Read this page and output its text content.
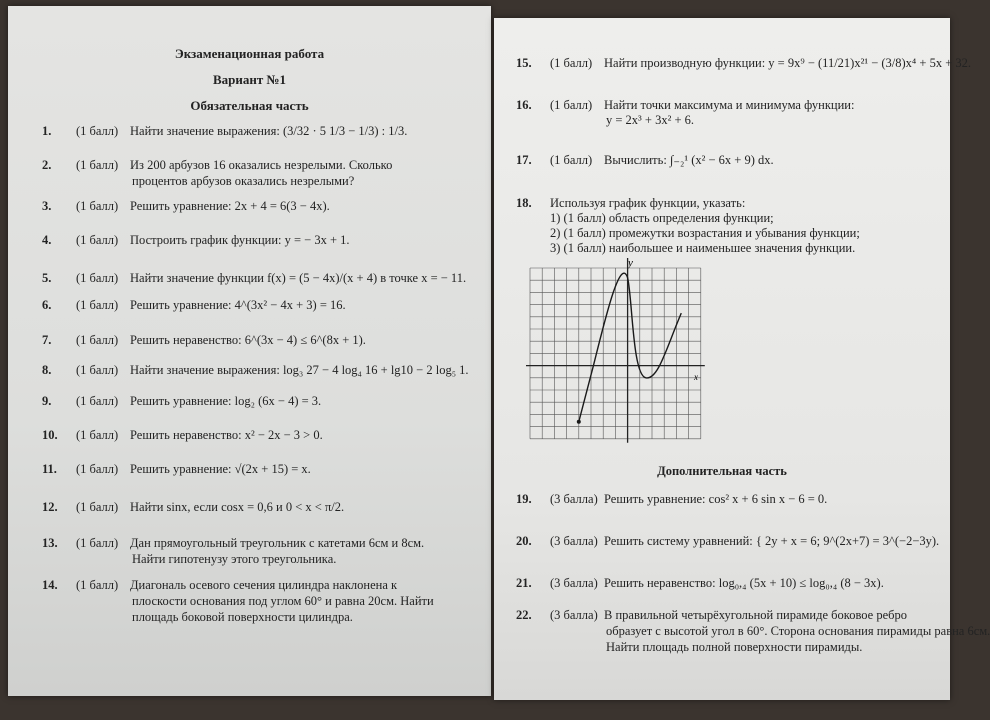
Экзаменационная работа
Вариант №1
Обязательная часть
1. (1 балл) Найти значение выражения: (3/32 · 5 1/3 − 1/3) : 1/3.
2. (1 балл) Из 200 арбузов 16 оказались незрелыми. Сколько
процентов арбузов оказались незрелыми?
3. (1 балл) Решить уравнение: 2x + 4 = 6(3 − 4x).
4. (1 балл) Построить график функции: y = − 3x + 1.
5. (1 балл) Найти значение функции f(x) = (5 − 4x)/(x + 4) в точке x = − 11.
6. (1 балл) Решить уравнение: 4^(3x² − 4x + 3) = 16.
7. (1 балл) Решить неравенство: 6^(3x − 4) ≤ 6^(8x + 1).
8. (1 балл) Найти значение выражения: log₃ 27 − 4 log₄ 16 + lg10 − 2 log₅ 1.
9. (1 балл) Решить уравнение: log₂ (6x − 4) = 3.
10. (1 балл) Решить неравенство: x² − 2x − 3 > 0.
11. (1 балл) Решить уравнение: √(2x + 15) = x.
12. (1 балл) Найти sinx, если cosx = 0,6 и 0 < x < π/2.
13. (1 балл) Дан прямоугольный треугольник с катетами 6см и 8см.
Найти гипотенузу этого треугольника.
14. (1 балл) Диагональ осевого сечения цилиндра наклонена к
плоскости основания под углом 60° и равна 20см. Найти
площадь боковой поверхности цилиндра.
15. (1 балл) Найти производную функции: y = 9x⁹ − (11/21)x²¹ − (3/8)x⁴ + 5x + 32.
16. (1 балл) Найти точки максимума и минимума функции:
y = 2x³ + 3x² + 6.
17. (1 балл) Вычислить: ∫₋₂¹ (x² − 6x + 9) dx.
18. Используя график функции, указать:
1) (1 балл) область определения функции;
2) (1 балл) промежутки возрастания и убывания функции;
3) (1 балл) наибольшее и наименьшее значения функции.
y
x
Дополнительная часть
19. (3 балла) Решить уравнение: cos² x + 6 sin x − 6 = 0.
20. (3 балла) Решить систему уравнений: { 2y + x = 6; 9^(2x+7) = 3^(−2−3y).
21. (3 балла) Решить неравенство: log₀,₄ (5x + 10) ≤ log₀,₄ (8 − 3x).
22. (3 балла) В правильной четырёхугольной пирамиде боковое ребро
образует с высотой угол в 60°. Сторона основания пирамиды равна 6см.
Найти площадь полной поверхности пирамиды.
